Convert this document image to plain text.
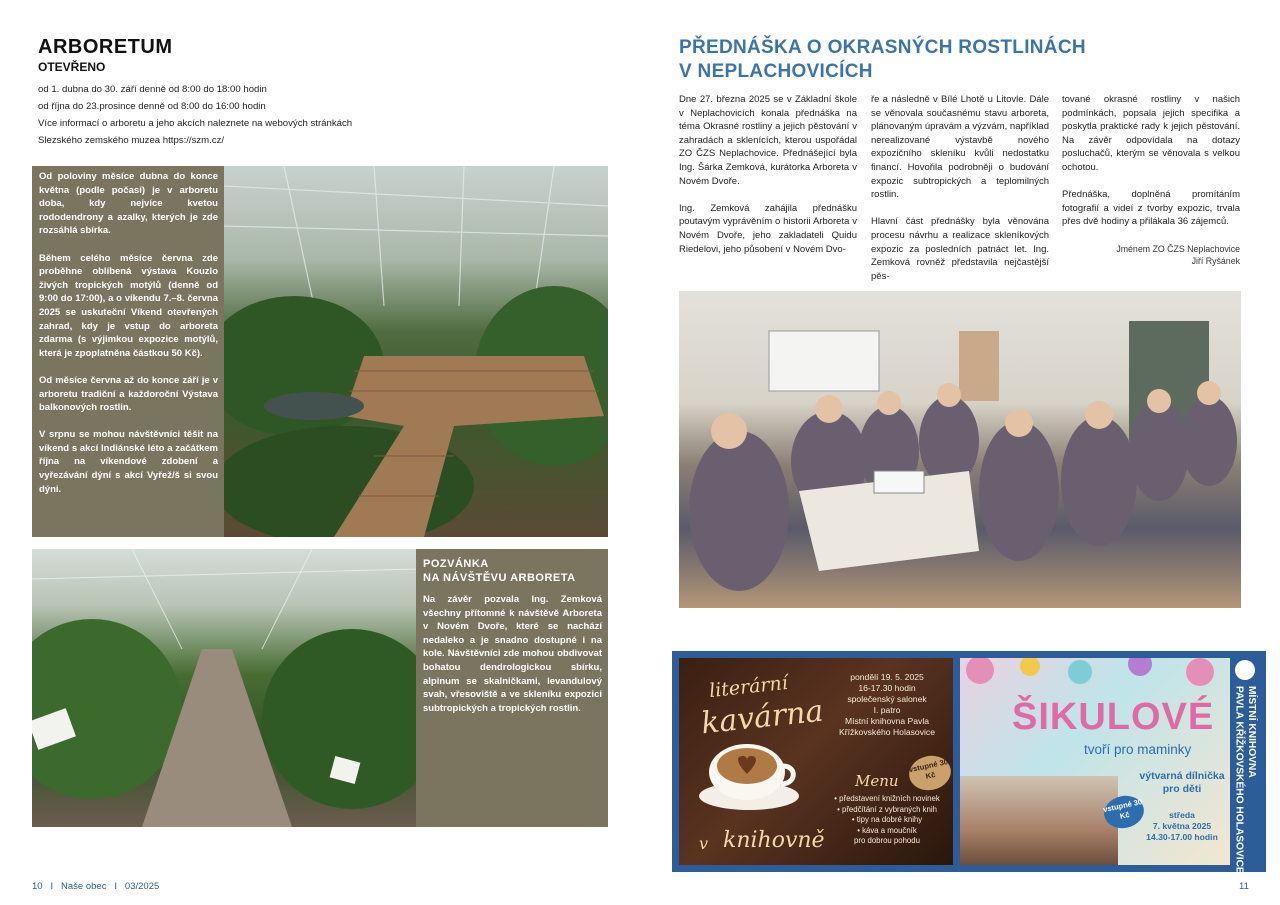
ARBORETUM
OTEVŘENO
od 1. dubna do 30. září denně od 8:00 do 18:00 hodin
od října do 23.prosince denně od 8:00 do 16:00 hodin
Více informací o arboretu a jeho akcích naleznete na webových stránkách
Slezského zemského muzea https://szm.cz/

Od poloviny měsíce dubna do konce května (podle počasí) je v arboretu doba, kdy nejvíce kvetou rododendrony a azalky, kterých je zde rozsáhlá sbírka.

Během celého měsíce června zde proběhne oblíbená výstava Kouzlo živých tropických motýlů (denně od 9:00 do 17:00), a o víkendu 7.–8. června 2025 se uskuteční Víkend otevřených zahrad, kdy je vstup do arboreta zdarma (s výjimkou expozice motýlů, která je zpoplatněna částkou 50 Kč).

Od měsíce června až do konce září je v arboretu tradiční a každoroční Výstava balkonových rostlin.

V srpnu se mohou návštěvníci těšit na víkend s akcí Indiánské léto a začátkem října na víkendové zdobení a vyřezávání dýní s akcí Vyřež/š si svou dýni.

POZVÁNKA
NA NÁVŠTĚVU ARBORETA
Na závěr pozvala Ing. Zemková všechny přítomné k návštěvě Arboreta v Novém Dvoře, které se nachází nedaleko a je snadno dostupné i na kole. Návštěvníci zde mohou obdivovat bohatou dendrologickou sbírku, alpinum se skalničkami, levandulový svah, vřesoviště a ve skleníku expozici subtropických a tropických rostlin.
10   I   Naše obec   I   03/2025
PŘEDNÁŠKA O OKRASNÝCH ROSTLINÁCH
V NEPLACHOVICÍCH

Dne 27. března 2025 se v Základní škole v Neplachovicích konala přednáška na téma Okrasné rostliny a jejich pěstování v zahradách a sklenících, kterou uspořádal ZO ČZS Neplachovice. Přednášející byla Ing. Šárka Zemková, kurátorka Arboreta v Novém Dvoře.

Ing. Zemková zahájila přednášku poutavým vyprávěním o historii Arboreta v Novém Dvoře, jeho zakladateli Quidu Riedelovi, jeho působení v Novém Dvo-

ře a následně v Bílé Lhotě u Litovle. Dále se věnovala současnému stavu arboreta, plánovaným úpravám a výzvám, například nerealizované výstavbě nového expozičního skleníku kvůli nedostatku financí. Hovořila podrobněji o budování expozic subtropických a teplomilných rostlin.

Hlavní část přednášky byla věnována procesu návrhu a realizace skleníkových expozic za posledních patnáct let. Ing. Zemková rovněž představila nejčastější pěs-

tované okrasné rostliny v našich podmínkách, popsala jejich specifika a poskytla praktické rady k jejich pěstování. Na závěr odpovídala na dotazy posluchačů, kterým se věnovala s velkou ochotou.

Přednáška, doplněná promítáním fotografií a videí z tvorby expozic, trvala přes dvě hodiny a přilákala 36 zájemců.

Jménem ZO ČZS Neplachovice
Jiří Ryšánek
literární
kavárna
v knihovně
pondělí 19. 5. 2025
16-17.30 hodin
společenský salonek
I. patro
Místní knihovna Pavla
Křížkovského Holasovice
vstupné 30 Kč
Menu
• představení knižních novinek
• předčítání z vybraných knih
• tipy na dobré knihy
• káva a moučník
pro dobrou pohodu
ŠIKULOVÉ
tvoří pro maminky
výtvarná dílnička pro děti
středa
7. května 2025
14.30-17.00 hodin
vstupné 30 Kč
MÍSTNÍ KNIHOVNA
PAVLA KŘÍŽKOVSKÉHO HOLASOVICE
11
